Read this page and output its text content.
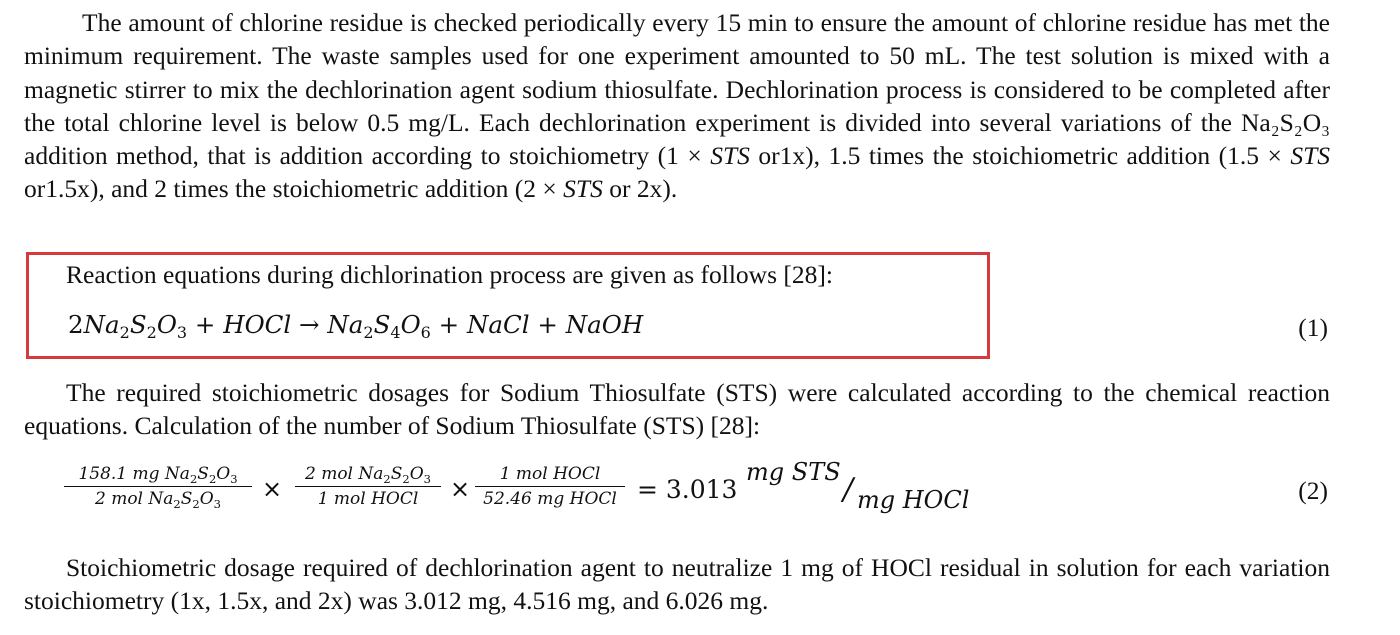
The amount of chlorine residue is checked periodically every 15 min to ensure the amount of chlorine residue has met the minimum requirement. The waste samples used for one experiment amounted to 50 mL. The test solution is mixed with a magnetic stirrer to mix the dechlorination agent sodium thiosulfate. Dechlorination process is considered to be completed after the total chlorine level is below 0.5 mg/L. Each dechlorination experiment is divided into several variations of the Na₂S₂O₃ addition method, that is addition according to stoichiometry (1 × STS or1x), 1.5 times the stoichiometric addition (1.5 × STS or1.5x), and 2 times the stoichiometric addition (2 × STS or 2x).

Reaction equations during dichlorination process are given as follows [28]:
$2Na_2S_2O_3$ + HOCl → $Na_2S_4O_6$ + NaCl + NaOH	(1)

The required stoichiometric dosages for Sodium Thiosulfate (STS) were calculated according to the chemical reaction equations. Calculation of the number of Sodium Thiosulfate (STS) [28]:

158.1 mg $Na_2S_2O_3$
2 mol $Na_2S_2O_3$
×
2 mol $Na_2S_2O_3$
1 mol HOCl	×
1 mol HOCl
52.46 mg HOCl = 3.013
mg STS / mg HOCl	(2)

Stoichiometric dosage required of dechlorination agent to neutralize 1 mg of HOCl residual in solution for each variation stoichiometry (1x, 1.5x, and 2x) was 3.012 mg, 4.516 mg, and 6.026 mg.
